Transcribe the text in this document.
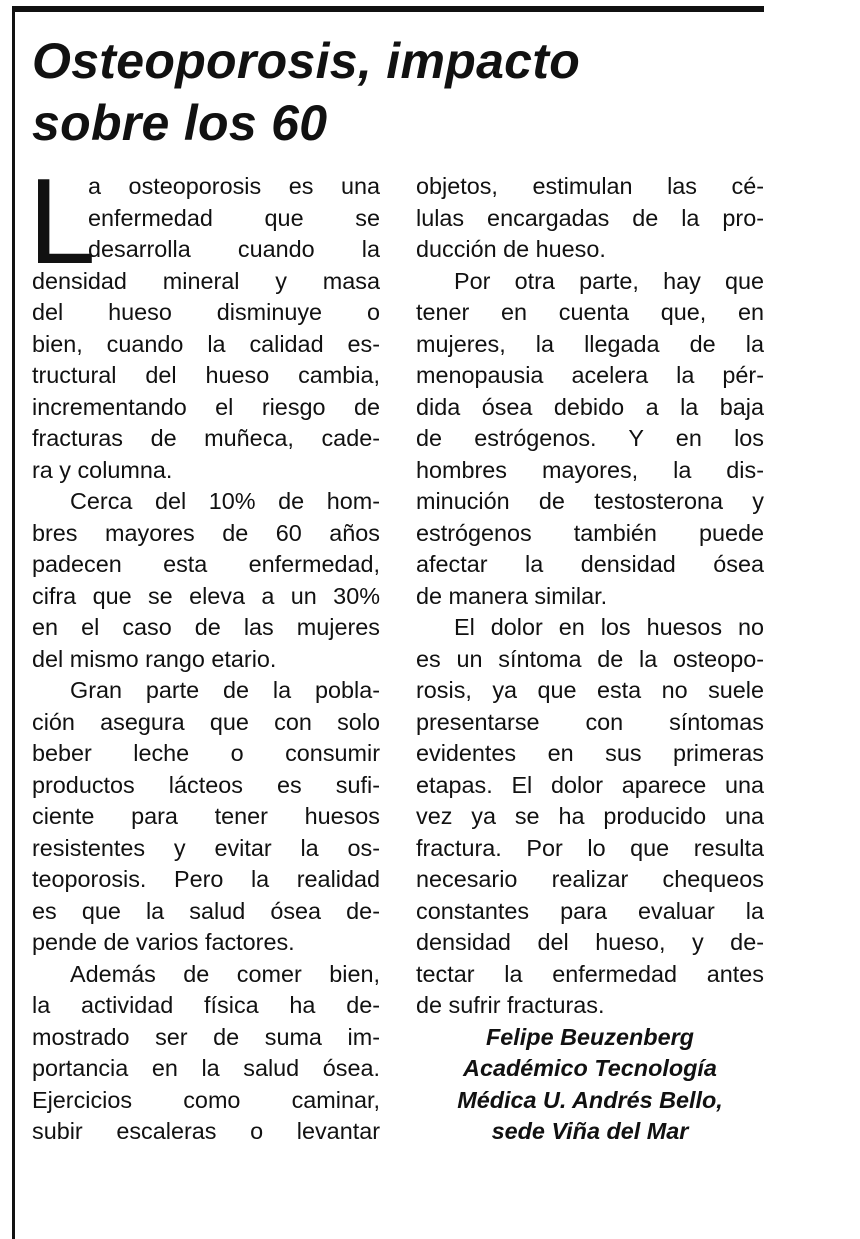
Osteoporosis, impacto
sobre los 60
L
a osteoporosis es una
enfermedad que se
desarrolla cuando la
densidad mineral y masa
del hueso disminuye o
bien, cuando la calidad es-
tructural del hueso cambia,
incrementando el riesgo de
fracturas de muñeca, cade-
ra y columna.
Cerca del 10% de hom-
bres mayores de 60 años
padecen esta enfermedad,
cifra que se eleva a un 30%
en el caso de las mujeres
del mismo rango etario.
Gran parte de la pobla-
ción asegura que con solo
beber leche o consumir
productos lácteos es sufi-
ciente para tener huesos
resistentes y evitar la os-
teoporosis. Pero la realidad
es que la salud ósea de-
pende de varios factores.
Además de comer bien,
la actividad física ha de-
mostrado ser de suma im-
portancia en la salud ósea.
Ejercicios como caminar,
subir escaleras o levantar
objetos, estimulan las cé-
lulas encargadas de la pro-
ducción de hueso.
Por otra parte, hay que
tener en cuenta que, en
mujeres, la llegada de la
menopausia acelera la pér-
dida ósea debido a la baja
de estrógenos. Y en los
hombres mayores, la dis-
minución de testosterona y
estrógenos también puede
afectar la densidad ósea
de manera similar.
El dolor en los huesos no
es un síntoma de la osteopo-
rosis, ya que esta no suele
presentarse con síntomas
evidentes en sus primeras
etapas. El dolor aparece una
vez ya se ha producido una
fractura. Por lo que resulta
necesario realizar chequeos
constantes para evaluar la
densidad del hueso, y de-
tectar la enfermedad antes
de sufrir fracturas.
Felipe Beuzenberg
Académico Tecnología
Médica U. Andrés Bello,
sede Viña del Mar
